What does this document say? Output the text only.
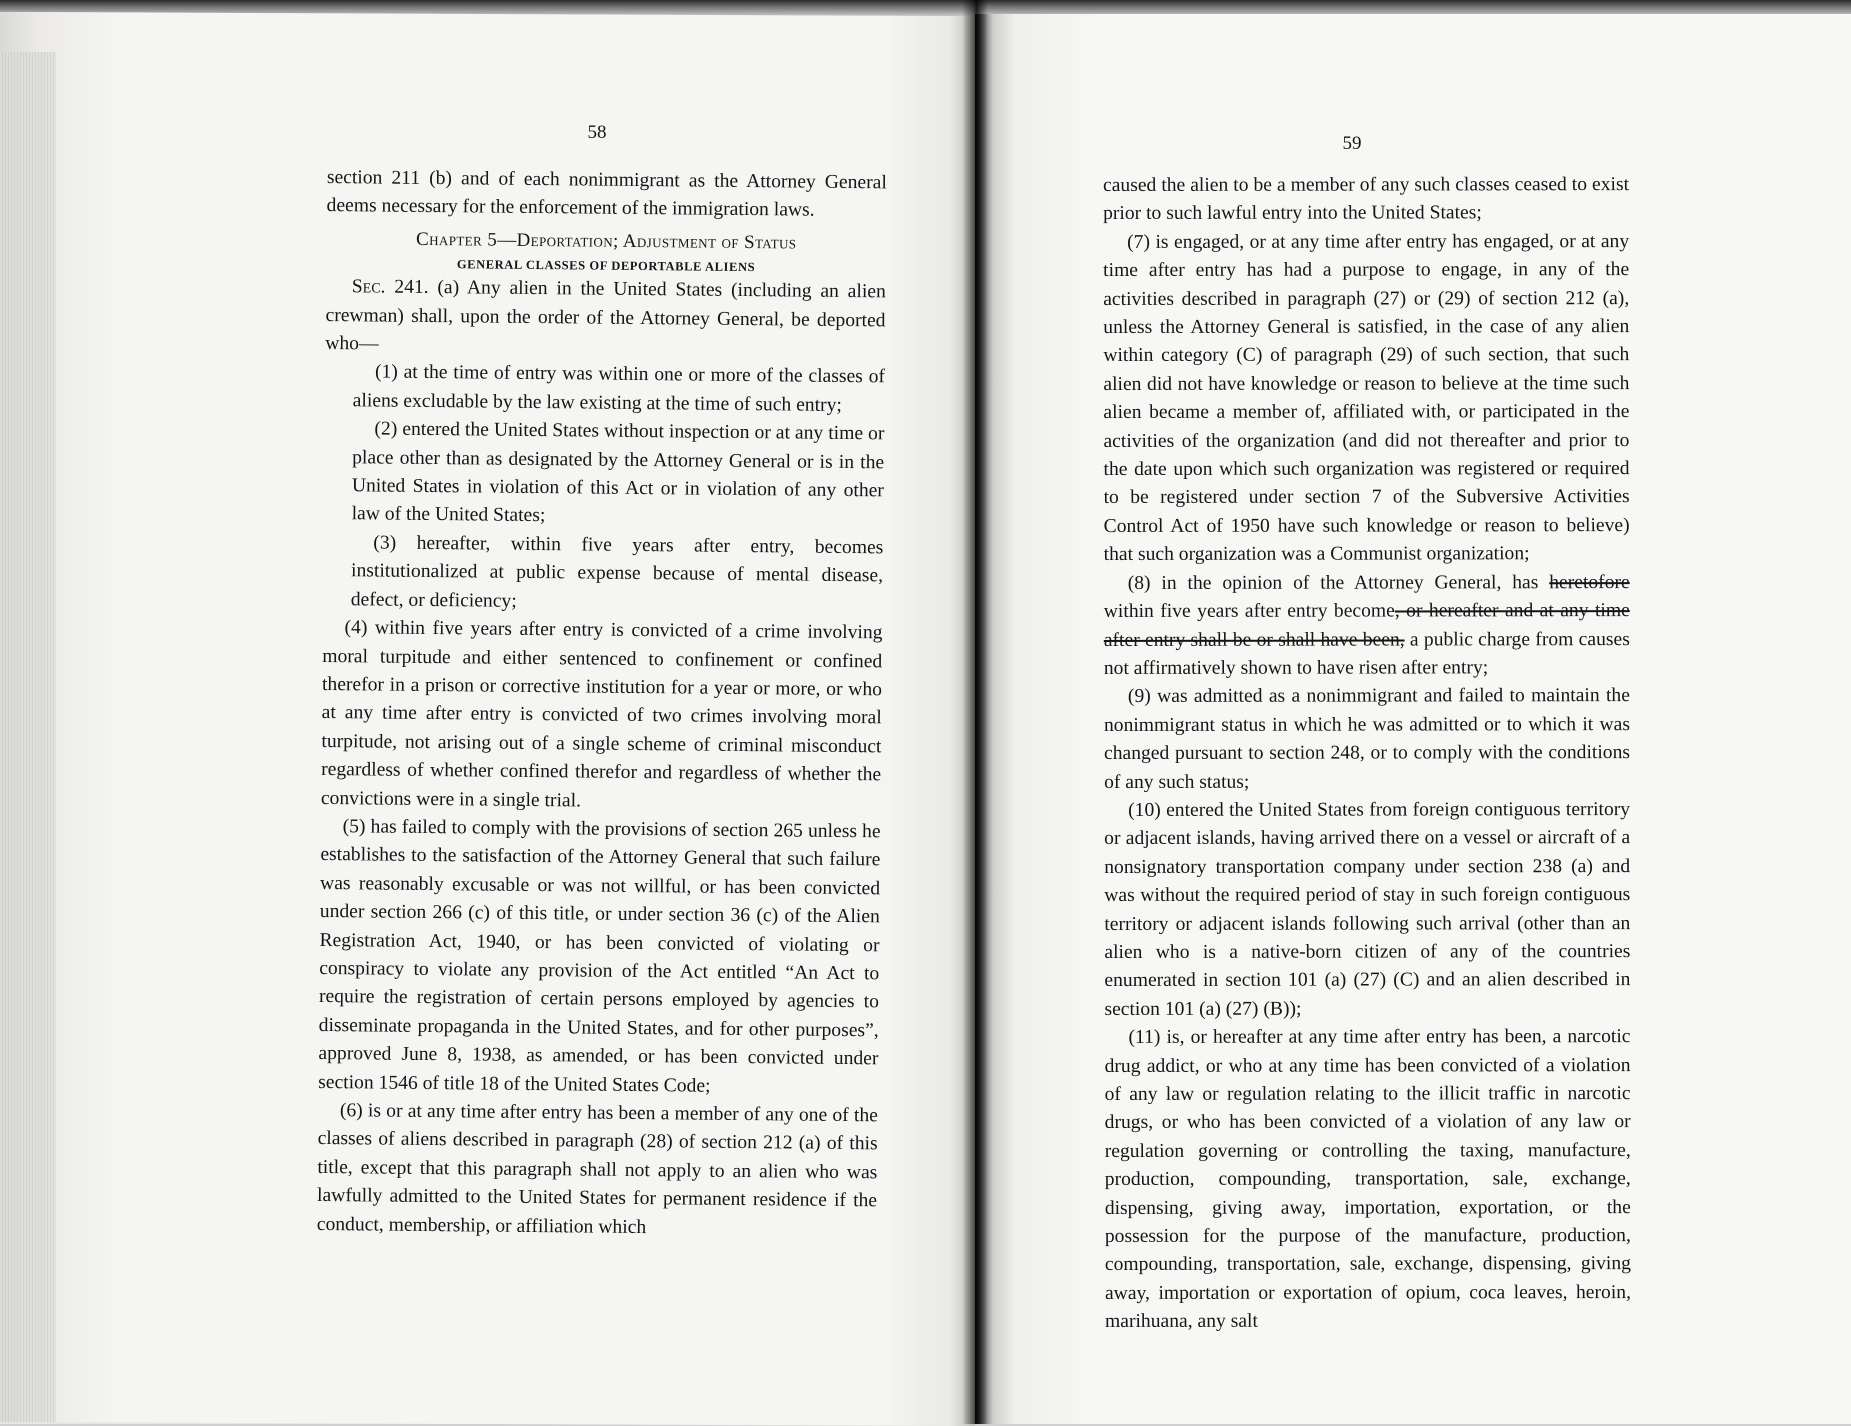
58

section 211 (b) and of each nonimmigrant as the Attorney General deems necessary for the enforcement of the immigration laws.

Chapter 5—Deportation; Adjustment of Status

GENERAL CLASSES OF DEPORTABLE ALIENS

Sec. 241. (a) Any alien in the United States (including an alien crewman) shall, upon the order of the Attorney General, be deported who—

(1) at the time of entry was within one or more of the classes of aliens excludable by the law existing at the time of such entry;

(2) entered the United States without inspection or at any time or place other than as designated by the Attorney General or is in the United States in violation of this Act or in violation of any other law of the United States;

(3) hereafter, within five years after entry, becomes institutionalized at public expense because of mental disease, defect, or deficiency;

(4) within five years after entry is convicted of a crime involving moral turpitude and either sentenced to confinement or confined therefor in a prison or corrective institution for a year or more, or who at any time after entry is convicted of two crimes involving moral turpitude, not arising out of a single scheme of criminal misconduct regardless of whether confined therefor and regardless of whether the convictions were in a single trial.

(5) has failed to comply with the provisions of section 265 unless he establishes to the satisfaction of the Attorney General that such failure was reasonably excusable or was not willful, or has been convicted under section 266 (c) of this title, or under section 36 (c) of the Alien Registration Act, 1940, or has been convicted of violating or conspiracy to violate any provision of the Act entitled “An Act to require the registration of certain persons employed by agencies to disseminate propaganda in the United States, and for other purposes”, approved June 8, 1938, as amended, or has been convicted under section 1546 of title 18 of the United States Code;

(6) is or at any time after entry has been a member of any one of the classes of aliens described in paragraph (28) of section 212 (a) of this title, except that this paragraph shall not apply to an alien who was lawfully admitted to the United States for permanent residence if the conduct, membership, or affiliation which

59

caused the alien to be a member of any such classes ceased to exist prior to such lawful entry into the United States;

(7) is engaged, or at any time after entry has engaged, or at any time after entry has had a purpose to engage, in any of the activities described in paragraph (27) or (29) of section 212 (a), unless the Attorney General is satisfied, in the case of any alien within category (C) of paragraph (29) of such section, that such alien did not have knowledge or reason to believe at the time such alien became a member of, affiliated with, or participated in the activities of the organization (and did not thereafter and prior to the date upon which such organization was registered or required to be registered under section 7 of the Subversive Activities Control Act of 1950 have such knowledge or reason to believe) that such organization was a Communist organization;

(8) in the opinion of the Attorney General, has heretofore within five years after entry become, or hereafter and at any time after entry shall be or shall have been, a public charge from causes not affirmatively shown to have risen after entry;

(9) was admitted as a nonimmigrant and failed to maintain the nonimmigrant status in which he was admitted or to which it was changed pursuant to section 248, or to comply with the conditions of any such status;

(10) entered the United States from foreign contiguous territory or adjacent islands, having arrived there on a vessel or aircraft of a nonsignatory transportation company under section 238 (a) and was without the required period of stay in such foreign contiguous territory or adjacent islands following such arrival (other than an alien who is a native-born citizen of any of the countries enumerated in section 101 (a) (27) (C) and an alien described in section 101 (a) (27) (B));

(11) is, or hereafter at any time after entry has been, a narcotic drug addict, or who at any time has been convicted of a violation of any law or regulation relating to the illicit traffic in narcotic drugs, or who has been convicted of a violation of any law or regulation governing or controlling the taxing, manufacture, production, compounding, transportation, sale, exchange, dispensing, giving away, importation, exportation, or the possession for the purpose of the manufacture, production, compounding, transportation, sale, exchange, dispensing, giving away, importation or exportation of opium, coca leaves, heroin, marihuana, any salt
